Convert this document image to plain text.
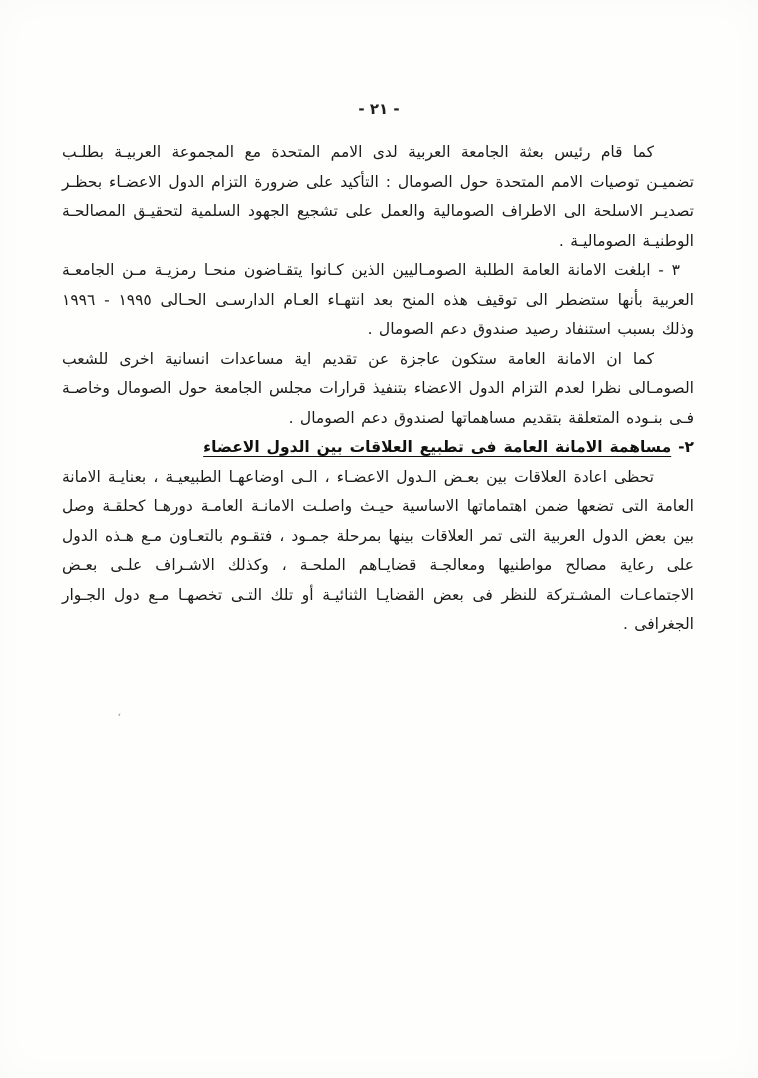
- ٢١ -

كما قام رئيس بعثة الجامعة العربية لدى الامم المتحدة مع المجموعة العربيـة بطلـب تضميـن توصيات الامم المتحدة حول الصومال : التأكيد على ضرورة التزام الدول الاعضـاء بحظـر تصديـر الاسلحة الى الاطراف الصومالية والعمل على تشجيع الجهود السلمية لتحقيـق المصالحـة الوطنيـة الصوماليـة .

٣ - ابلغت الامانة العامة الطلبة الصومـاليين الذين كـانوا يتقـاضون منحـا رمزيـة مـن الجامعـة العربية بأنها ستضطر الى توقيف هذه المنح بعد انتهـاء العـام الدارسـى الحـالى ١٩٩٥ - ١٩٩٦ وذلك بسبب استنفاد رصيد صندوق دعم الصومال .

كما ان الامانة العامة ستكون عاجزة عن تقديم اية مساعدات انسانية اخرى للشعب الصومـالى نظرا لعدم التزام الدول الاعضاء بتنفيذ قرارات مجلس الجامعة حول الصومال وخاصـة فـى بنـوده المتعلقة بتقديم مساهماتها لصندوق دعم الصومال .

٢- مساهمة الامانة العامة فى تطبيع العلاقات بين الدول الاعضاء

تحظى اعادة العلاقات بين بعـض الـدول الاعضـاء ، الـى اوضاعهـا الطبيعيـة ، بعنايـة الامانة العامة التى تضعها ضمن اهتماماتها الاساسية حيـث واصلـت الامانـة العامـة دورهـا كحلقـة وصل بين بعض الدول العربية التى تمر العلاقات بينها بمرحلة جمـود ، فتقـوم بالتعـاون مـع هـذه الدول على رعاية مصالح مواطنيها ومعالجـة قضايـاهم الملحـة ، وكذلك الاشـراف علـى بعـض الاجتماعـات المشـتركة للنظر فى بعض القضايـا الثنائيـة أو تلك التـى تخصهـا مـع دول الجـوار الجغرافى .

،
